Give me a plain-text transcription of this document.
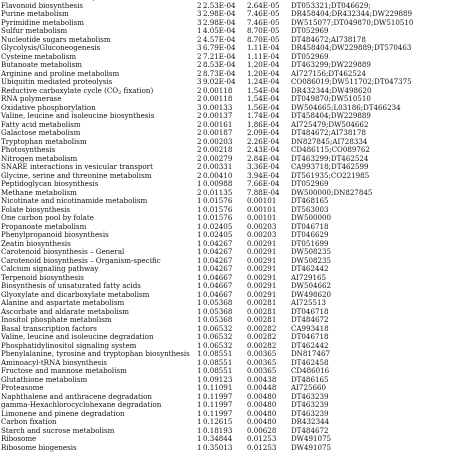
Flavonoid biosynthesis	2 2.53E-04	2.64E-05	DT053321;DT046629;
Purine metabolism	3 2.98E-04	7.46E-05	DR458404;DR432344;DW229889
Pyrimidine metabolism	3 2.98E-04	7.46E-05	DW515077;DT049870;DW510510
Sulfur metabolism	1 4.05E-04	8.70E-05	DT052969
Nucleotide sugars metabolism	2 4.57E-04	8.70E-05	DT484672;AI738178
Glycolysis/Gluconeogenesis	3 6.79E-04	1.11E-04	DR458404;DW229889;DT570463
Cysteine metabolism	2 7.21E-04	1.11E-04	DT052969
Butanoate metabolism	2 8.53E-04	1.20E-04	DT463299;DW229889
Arginine and proline metabolism	2 8.73E-04	1.20E-04	AI727156;DT462524
Ubiquitin mediated proteolysis	3 9.02E-04	1.24E-04	CO086019;DW511702;DT047375
Reductive carboxylate cycle ($CO_2$ fixation)	2 0.00118	1.54E-04	DR432344;DW498620
RNA polymerase	2 0.00118	1.54E-04	DT049870;DW510510
Oxidative phosphorylation	3 0.00133	1.56E-04	DW504665;L03186;DT466234
Valine, leucine and isoleucine biosynthesis	2 0.00137	1.74E-04	DT458404;DW229889
Fatty acid metabolism	2 0.00161	1.86E-04	AI725479;DW504662
Galactose metabolism	2 0.00187	2.09E-04	DT484672;AI738178
Tryptophan metabolism	2 0.00203	2.26E-04	DN827845;AI728334
Photosynthesis	2 0.00218	2.43E-04	CD486115;CO089762
Nitrogen metabolism	2 0.00279	2.84E-04	DT463299;DT462524
SNARE interactions in vesicular transport	2 0.00331	3.36E-04	CA993718;DT462599
Glycine, serine and threonine metabolism	2 0.00410	3.94E-04	DT561935;CO221985
Peptidoglycan biosynthesis	1 0.00988	7.66E-04	DT052969
Methane metabolism	2 0.01135	7.88E-04	DW500000;DN827845
Nicotinate and nicotinamide metabolism	1 0.01576	0.00101	DT468165
Folate biosynthesis	1 0.01576	0.00101	DT563003
One carbon pool by folate	1 0.01576	0.00101	DW500000
Propanoate metabolism	1 0.02405	0.00203	DT046718
Phenylpropanoid biosynthesis	1 0.02405	0.00203	DT046629
Zeatin biosynthesis	1 0.04267	0.00291	DT051699
Carotenoid biosynthesis – General	1 0.04267	0.00291	DW508235
Carotenoid biosynthesis – Organism-specific	1 0.04267	0.00291	DW508235
Calcium signaling pathway	1 0.04267	0.00291	DT462442
Terpenoid biosynthesis	1 0.04667	0.00291	AI729165
Biosynthesis of unsaturated fatty acids	1 0.04667	0.00291	DW504662
Glyoxylate and dicarboxylate metabolism	1 0.04667	0.00291	DW498620
Alanine and aspartate metabolism	1 0.05368	0.00281	AI725513
Ascorbate and aldarate metabolism	1 0.05368	0.00281	DT046718
Inositol phosphate metabolism	1 0.05368	0.00281	DT484672
Basal transcription factors	1 0.06532	0.00282	CA993418
Valine, leucine and isoleucine degradation	1 0.06532	0.00282	DT046718
Phosphatidylinositol signaling system	1 0.06532	0.00282	DT462442
Phenylalanine, tyrosine and tryptophan biosynthesis	1 0.08551	0.00365	DN817467
Aminoacyl-tRNA biosynthesis	1 0.08551	0.00365	DT462458
Fructose and mannose metabolism	1 0.08551	0.00365	CD486016
Glutathione metabolism	1 0.09123	0.00438	DT486165
Proteasome	1 0.11091	0.00448	AI725660
Naphthalene and anthracene degradation	1 0.11997	0.00480	DT463239
gamma-Hexachlorocyclohexane degradation	1 0.11997	0.00480	DT463239
Limonene and pinene degradation	1 0.11997	0.00480	DT463239
Carbon fixation	1 0.12615	0.00480	DR432344
Starch and sucrose metabolism	1 0.18193	0.00628	DT484672
Ribosome	1 0.34844	0.01253	DW491075
Ribosome biogenesis	1 0.35013	0.01253	DW491075
